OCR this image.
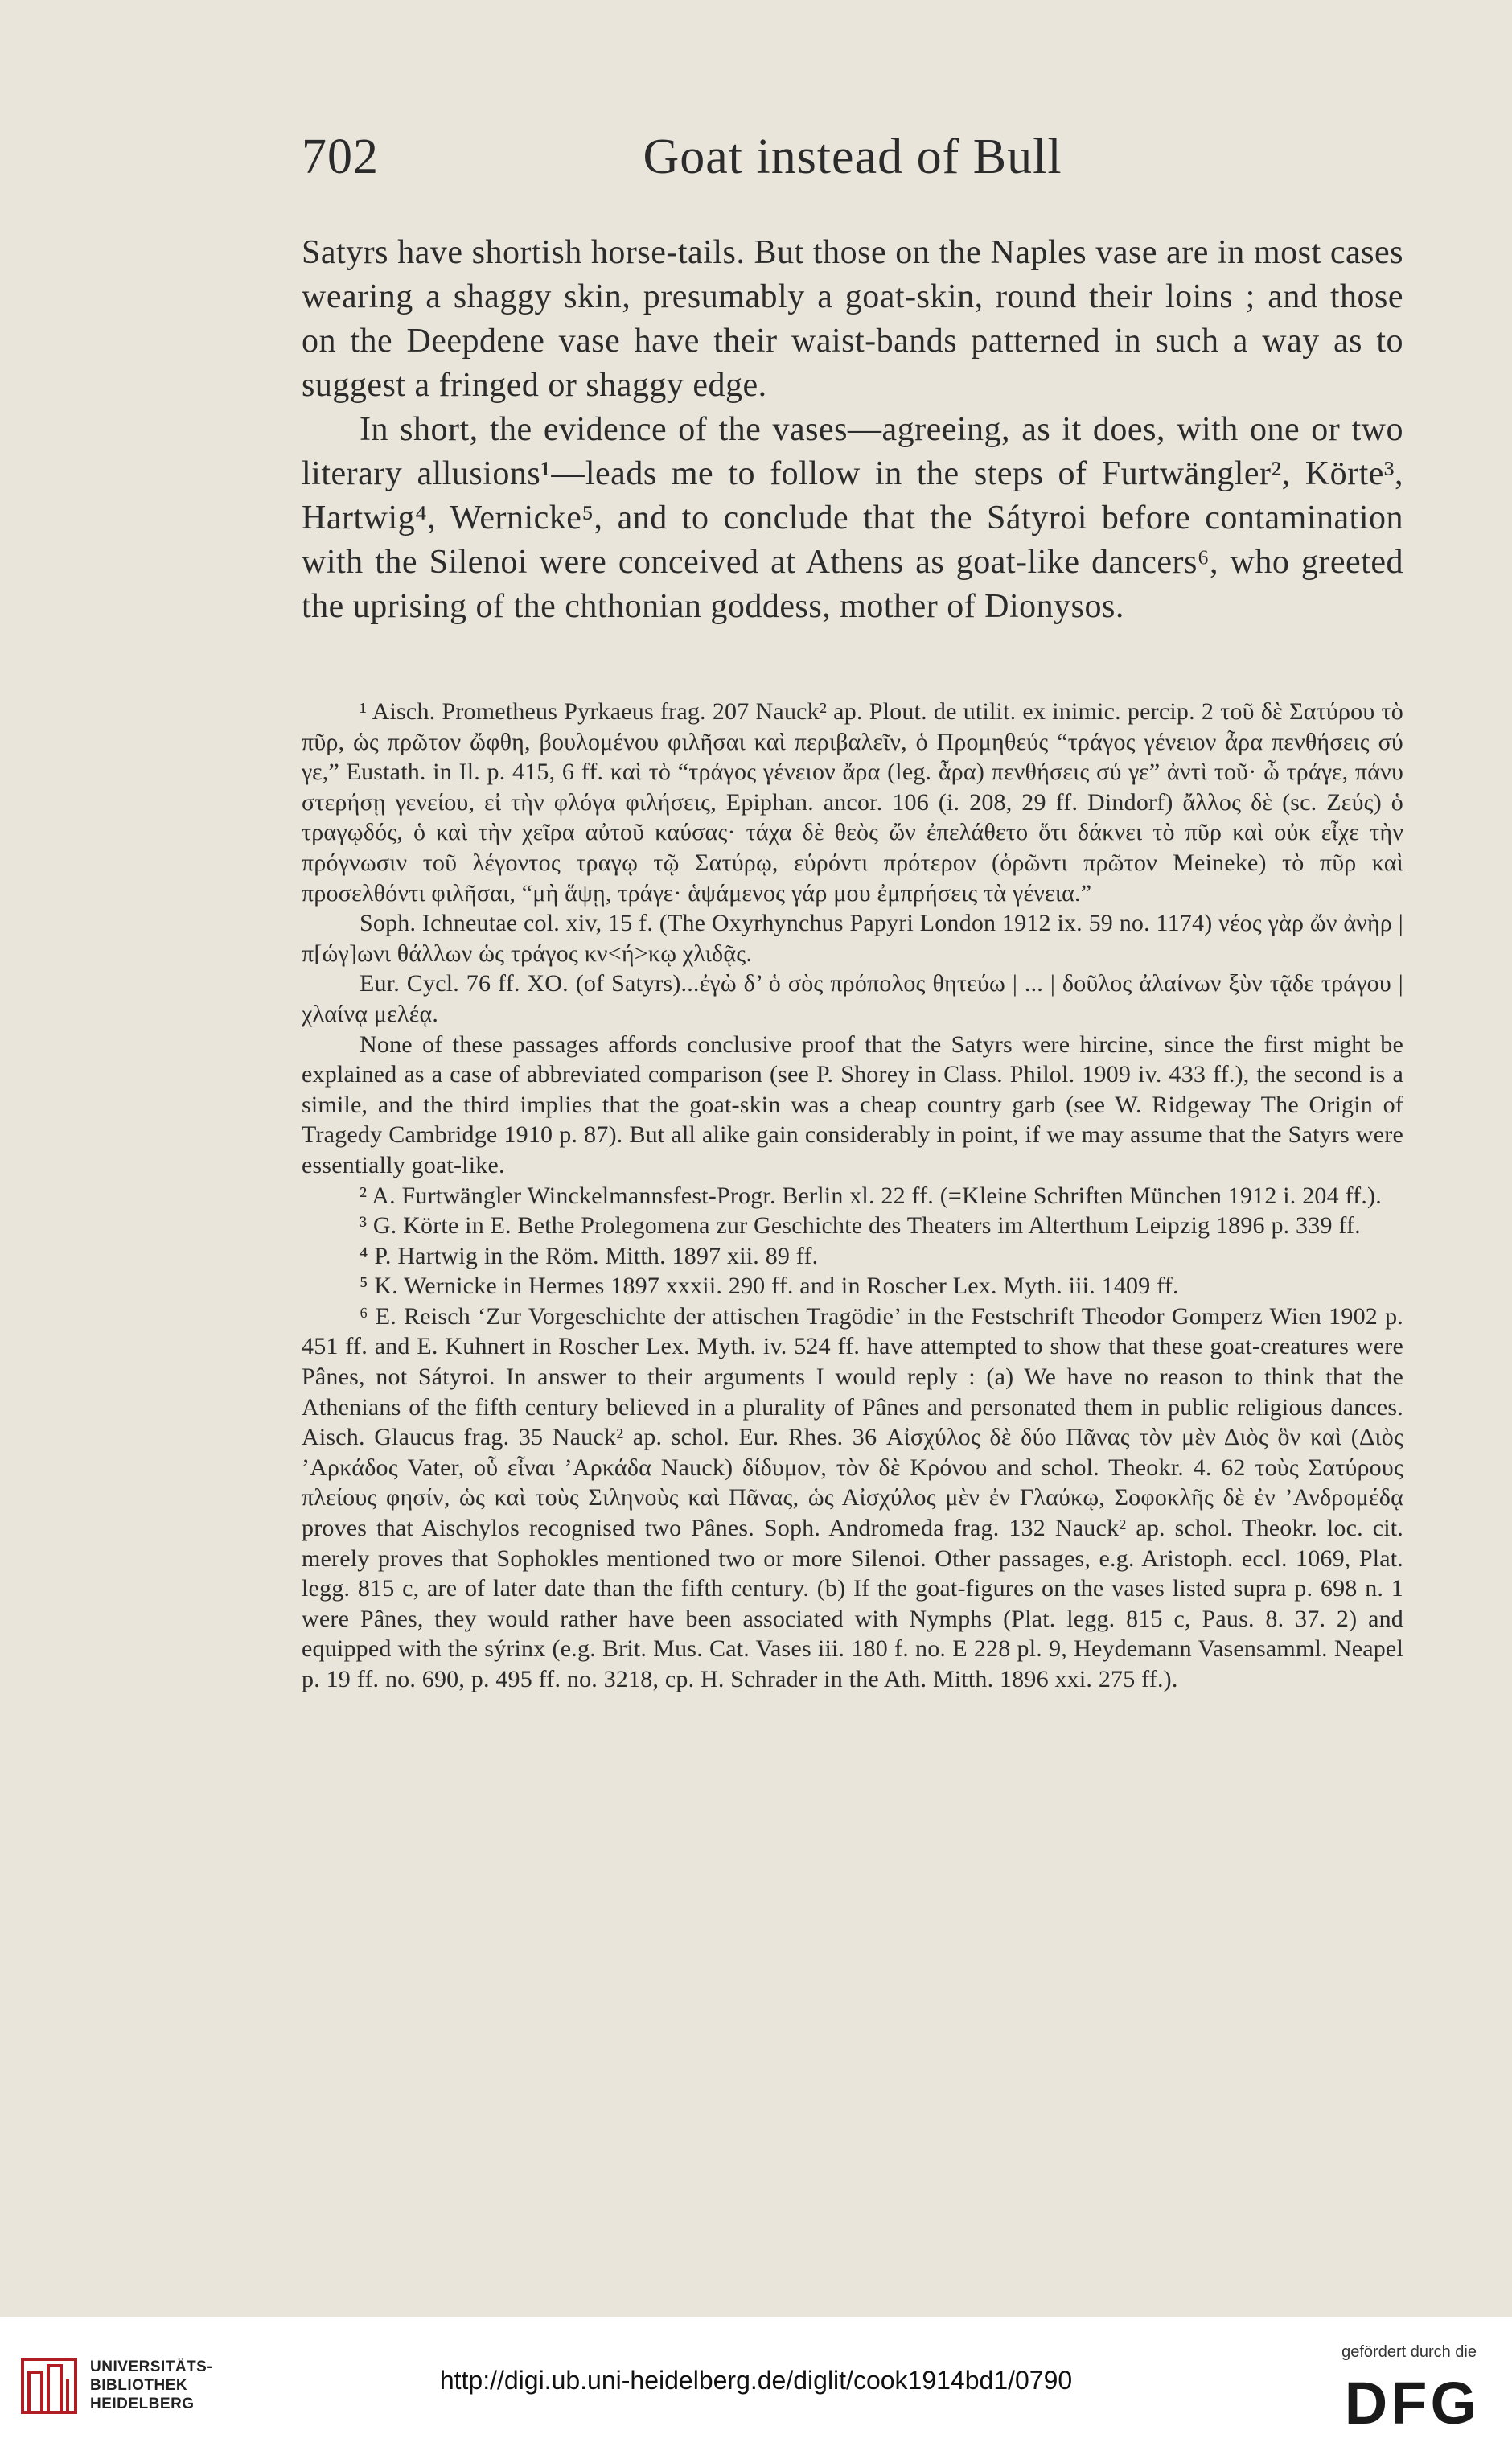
702	Goat instead of Bull

Satyrs have shortish horse-tails. But those on the Naples vase are in most cases wearing a shaggy skin, presumably a goat-skin, round their loins ; and those on the Deepdene vase have their waist-bands patterned in such a way as to suggest a fringed or shaggy edge.

In short, the evidence of the vases—agreeing, as it does, with one or two literary allusions¹—leads me to follow in the steps of Furtwängler², Körte³, Hartwig⁴, Wernicke⁵, and to conclude that the Sátyroi before contamination with the Silenoi were conceived at Athens as goat-like dancers⁶, who greeted the uprising of the chthonian goddess, mother of Dionysos.

¹ Aisch. Prometheus Pyrkaeus frag. 207 Nauck² ap. Plout. de utilit. ex inimic. percip. 2 τοῦ δὲ Σατύρου τὸ πῦρ, ὡς πρῶτον ὤφθη, βουλομένου φιλῆσαι καὶ περιβαλεῖν, ὁ Προμηθεύς “τράγος γένειον ἆρα πενθήσεις σύ γε,” Eustath. in Il. p. 415, 6 ff. καὶ τὸ “τράγος γένειον ἄρα (leg. ἆρα) πενθήσεις σύ γε” ἀντὶ τοῦ· ὦ τράγε, πάνυ στερήσῃ γενείου, εἰ τὴν φλόγα φιλήσεις, Epiphan. ancor. 106 (i. 208, 29 ff. Dindorf) ἄλλος δὲ (sc. Ζεύς) ὁ τραγῳδός, ὁ καὶ τὴν χεῖρα αὐτοῦ καύσας· τάχα δὲ θεὸς ὤν ἐπελάθετο ὅτι δάκνει τὸ πῦρ καὶ οὐκ εἶχε τὴν πρόγνωσιν τοῦ λέγοντος τραγῳ τῷ Σατύρῳ, εὑρόντι πρότερον (ὁρῶντι πρῶτον Meineke) τὸ πῦρ καὶ προσελθόντι φιλῆσαι, “μὴ ἅψῃ, τράγε· ἁψάμενος γάρ μου ἐμπρήσεις τὰ γένεια.”

Soph. Ichneutae col. xiv, 15 f. (The Oxyrhynchus Papyri London 1912 ix. 59 no. 1174) νέος γὰρ ὤν ἀνὴρ | π[ώγ]ωνι θάλλων ὡς τράγος κν<ή>κῳ χλιδᾷς.

Eur. Cycl. 76 ff. XO. (of Satyrs)...ἐγὼ δ’ ὁ σὸς πρόπολος θητεύω | ... | δοῦλος ἀλαίνων ξὺν τᾷδε τράγου | χλαίνᾳ μελέᾳ.

None of these passages affords conclusive proof that the Satyrs were hircine, since the first might be explained as a case of abbreviated comparison (see P. Shorey in Class. Philol. 1909 iv. 433 ff.), the second is a simile, and the third implies that the goat-skin was a cheap country garb (see W. Ridgeway The Origin of Tragedy Cambridge 1910 p. 87). But all alike gain considerably in point, if we may assume that the Satyrs were essentially goat-like.

² A. Furtwängler Winckelmannsfest-Progr. Berlin xl. 22 ff. (=Kleine Schriften München 1912 i. 204 ff.).

³ G. Körte in E. Bethe Prolegomena zur Geschichte des Theaters im Alterthum Leipzig 1896 p. 339 ff.

⁴ P. Hartwig in the Röm. Mitth. 1897 xii. 89 ff.

⁵ K. Wernicke in Hermes 1897 xxxii. 290 ff. and in Roscher Lex. Myth. iii. 1409 ff.

⁶ E. Reisch ‘Zur Vorgeschichte der attischen Tragödie’ in the Festschrift Theodor Gomperz Wien 1902 p. 451 ff. and E. Kuhnert in Roscher Lex. Myth. iv. 524 ff. have attempted to show that these goat-creatures were Pânes, not Sátyroi. In answer to their arguments I would reply : (a) We have no reason to think that the Athenians of the fifth century believed in a plurality of Pânes and personated them in public religious dances. Aisch. Glaucus frag. 35 Nauck² ap. schol. Eur. Rhes. 36 Αἰσχύλος δὲ δύο Πᾶνας τὸν μὲν Διὸς ὃν καὶ (Διὸς ’Αρκάδος Vater, οὗ εἶναι ’Αρκάδα Nauck) δίδυμον, τὸν δὲ Κρόνου and schol. Theokr. 4. 62 τοὺς Σατύρους πλείους φησίν, ὡς καὶ τοὺς Σιληνοὺς καὶ Πᾶνας, ὡς Αἰσχύλος μὲν ἐν Γλαύκῳ, Σοφοκλῆς δὲ ἐν ’Ανδρομέδᾳ proves that Aischylos recognised two Pânes. Soph. Andromeda frag. 132 Nauck² ap. schol. Theokr. loc. cit. merely proves that Sophokles mentioned two or more Silenoi. Other passages, e.g. Aristoph. eccl. 1069, Plat. legg. 815 c, are of later date than the fifth century. (b) If the goat-figures on the vases listed supra p. 698 n. 1 were Pânes, they would rather have been associated with Nymphs (Plat. legg. 815 c, Paus. 8. 37. 2) and equipped with the sýrinx (e.g. Brit. Mus. Cat. Vases iii. 180 f. no. E 228 pl. 9, Heydemann Vasensamml. Neapel p. 19 ff. no. 690, p. 495 ff. no. 3218, cp. H. Schrader in the Ath. Mitth. 1896 xxi. 275 ff.).

UNIVERSITÄTS-
BIBLIOTHEK
HEIDELBERG
http://digi.ub.uni-heidelberg.de/diglit/cook1914bd1/0790
gefördert durch die
DFG
